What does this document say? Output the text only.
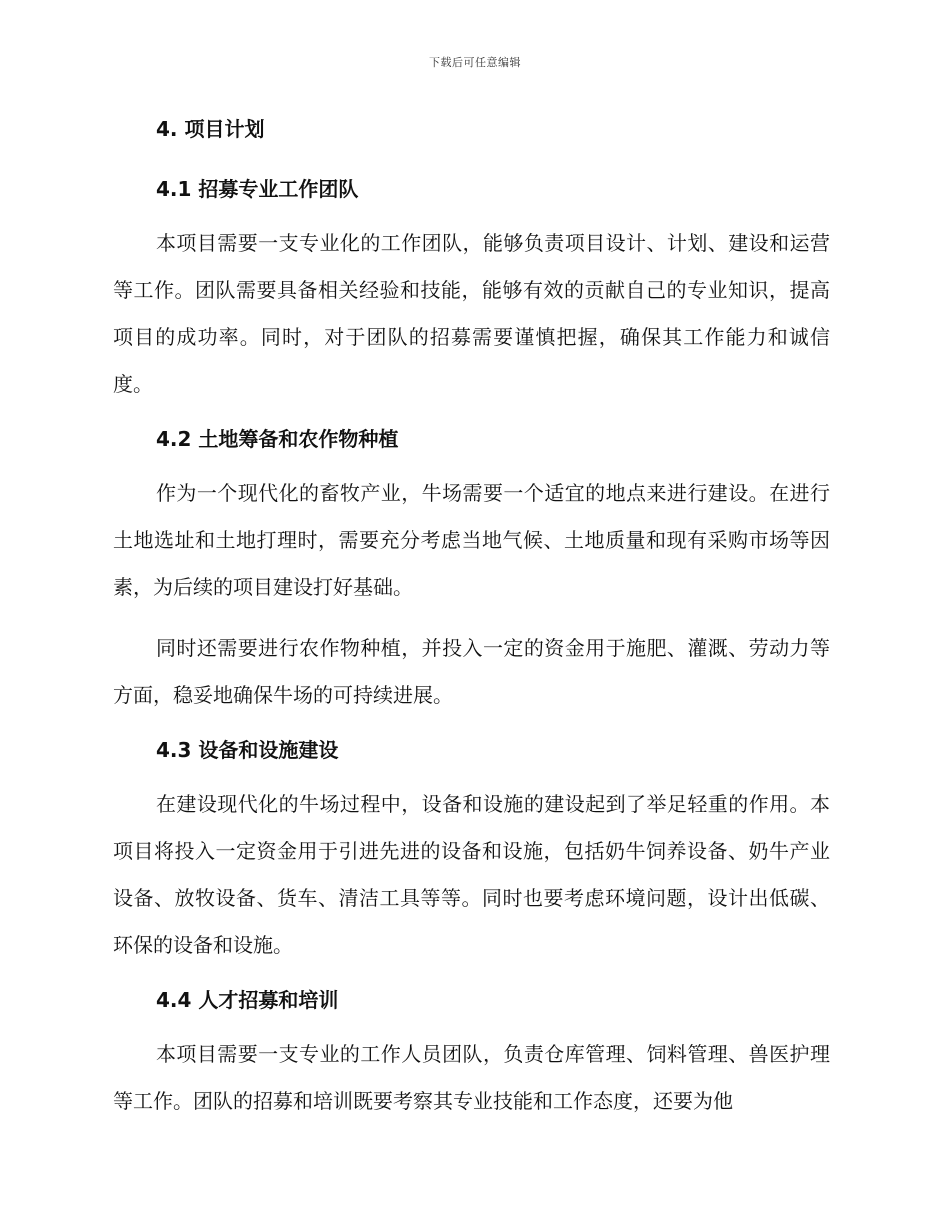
下载后可任意编辑
4. 项目计划
4.1 招募专业工作团队

本项目需要一支专业化的工作团队，能够负责项目设计、计划、建设和运营等工作。团队需要具备相关经验和技能，能够有效的贡献自己的专业知识，提高项目的成功率。同时，对于团队的招募需要谨慎把握，确保其工作能力和诚信度。

4.2 土地筹备和农作物种植

作为一个现代化的畜牧产业，牛场需要一个适宜的地点来进行建设。在进行土地选址和土地打理时，需要充分考虑当地气候、土地质量和现有采购市场等因素，为后续的项目建设打好基础。

同时还需要进行农作物种植，并投入一定的资金用于施肥、灌溉、劳动力等方面，稳妥地确保牛场的可持续进展。

4.3 设备和设施建设

在建设现代化的牛场过程中，设备和设施的建设起到了举足轻重的作用。本项目将投入一定资金用于引进先进的设备和设施，包括奶牛饲养设备、奶牛产业设备、放牧设备、货车、清洁工具等等。同时也要考虑环境问题，设计出低碳、环保的设备和设施。

4.4 人才招募和培训

本项目需要一支专业的工作人员团队，负责仓库管理、饲料管理、兽医护理等工作。团队的招募和培训既要考察其专业技能和工作态度，还要为他
